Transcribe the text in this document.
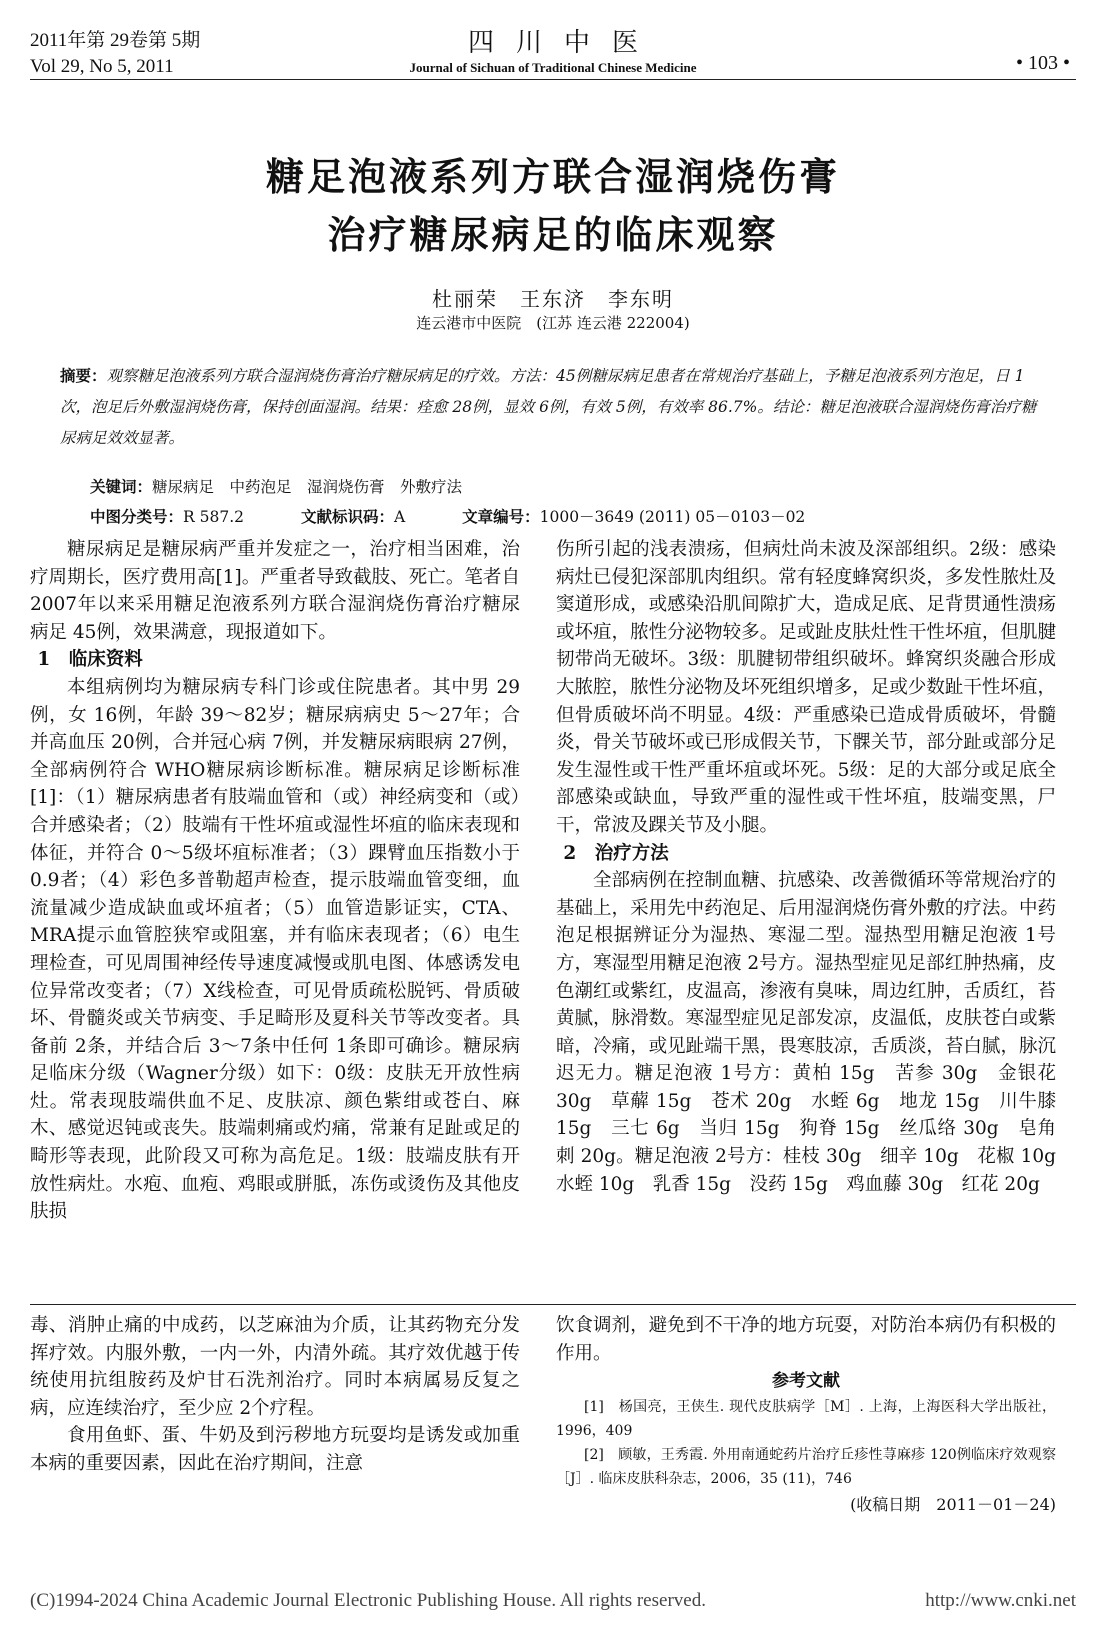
2011年第 29卷第 5期
Vol 29, No 5, 2011
四川中医
Journal of Sichuan of Traditional Chinese Medicine	• 103 •
糖足泡液系列方联合湿润烧伤膏
治疗糖尿病足的临床观察
杜丽荣　王东济　李东明
连云港市中医院　(江苏 连云港 222004)
摘要：观察糖足泡液系列方联合湿润烧伤膏治疗糖尿病足的疗效。方法：45例糖尿病足患者在常规治疗基础上，予糖足泡液系列方泡足，日 1次，泡足后外敷湿润烧伤膏，保持创面湿润。结果：痊愈 28例，显效 6例，有效 5例，有效率 86.7%。结论：糖足泡液联合湿润烧伤膏治疗糖尿病足效效显著。
关键词：糖尿病足　中药泡足　湿润烧伤膏　外敷疗法
中图分类号：R 587.2	文献标识码：A	文章编号：1000－3649 (2011) 05－0103－02

糖尿病足是糖尿病严重并发症之一，治疗相当困难，治疗周期长，医疗费用高[1]。严重者导致截肢、死亡。笔者自 2007年以来采用糖足泡液系列方联合湿润烧伤膏治疗糖尿病足 45例，效果满意，现报道如下。

1　临床资料

本组病例均为糖尿病专科门诊或住院患者。其中男 29例，女 16例，年龄 39～82岁；糖尿病病史 5～27年；合并高血压 20例，合并冠心病 7例，并发糖尿病眼病 27例，全部病例符合 WHO糖尿病诊断标准。糖尿病足诊断标准[1]：（1）糖尿病患者有肢端血管和（或）神经病变和（或）合并感染者；（2）肢端有干性坏疽或湿性坏疽的临床表现和体征，并符合 0～5级坏疽标准者；（3）踝臂血压指数小于 0.9者；（4）彩色多普勒超声检查，提示肢端血管变细，血流量减少造成缺血或坏疽者；（5）血管造影证实，CTA、MRA提示血管腔狭窄或阻塞，并有临床表现者；（6）电生理检查，可见周围神经传导速度减慢或肌电图、体感诱发电位异常改变者；（7）X线检查，可见骨质疏松脱钙、骨质破坏、骨髓炎或关节病变、手足畸形及夏科关节等改变者。具备前 2条，并结合后 3～7条中任何 1条即可确诊。糖尿病足临床分级（Wagner分级）如下：0级：皮肤无开放性病灶。常表现肢端供血不足、皮肤凉、颜色紫绀或苍白、麻木、感觉迟钝或丧失。肢端刺痛或灼痛，常兼有足趾或足的畸形等表现，此阶段又可称为高危足。1级：肢端皮肤有开放性病灶。水疱、血疱、鸡眼或胼胝，冻伤或烫伤及其他皮肤损

伤所引起的浅表溃疡，但病灶尚未波及深部组织。2级：感染病灶已侵犯深部肌肉组织。常有轻度蜂窝织炎，多发性脓灶及窦道形成，或感染沿肌间隙扩大，造成足底、足背贯通性溃疡或坏疽，脓性分泌物较多。足或趾皮肤灶性干性坏疽，但肌腱韧带尚无破坏。3级：肌腱韧带组织破坏。蜂窝织炎融合形成大脓腔，脓性分泌物及坏死组织增多，足或少数趾干性坏疽，但骨质破坏尚不明显。4级：严重感染已造成骨质破坏，骨髓炎，骨关节破坏或已形成假关节，下髁关节，部分趾或部分足发生湿性或干性严重坏疽或坏死。5级：足的大部分或足底全部感染或缺血，导致严重的湿性或干性坏疽，肢端变黑，尸干，常波及踝关节及小腿。

2　治疗方法

全部病例在控制血糖、抗感染、改善微循环等常规治疗的基础上，采用先中药泡足、后用湿润烧伤膏外敷的疗法。中药泡足根据辨证分为湿热、寒湿二型。湿热型用糖足泡液 1号方，寒湿型用糖足泡液 2号方。湿热型症见足部红肿热痛，皮色潮红或紫红，皮温高，渗液有臭味，周边红肿，舌质红，苔黄腻，脉滑数。寒湿型症见足部发凉，皮温低，皮肤苍白或紫暗，冷痛，或见趾端干黑，畏寒肢凉，舌质淡，苔白腻，脉沉迟无力。糖足泡液 1号方：黄柏 15g　苦参 30g　金银花 30g　草薢 15g　苍术 20g　水蛭 6g　地龙 15g　川牛膝 15g　三七 6g　当归 15g　狗脊 15g　丝瓜络 30g　皂角刺 20g。糖足泡液 2号方：桂枝 30g　细辛 10g　花椒 10g　水蛭 10g　乳香 15g　没药 15g　鸡血藤 30g　红花 20g

毒、消肿止痛的中成药，以芝麻油为介质，让其药物充分发挥疗效。内服外敷，一内一外，内清外疏。其疗效优越于传统使用抗组胺药及炉甘石洗剂治疗。同时本病属易反复之病，应连续治疗，至少应 2个疗程。

食用鱼虾、蛋、牛奶及到污秽地方玩耍均是诱发或加重本病的重要因素，因此在治疗期间，注意

饮食调剂，避免到不干净的地方玩耍，对防治本病仍有积极的作用。

参考文献

[1]　杨国亮，王侠生. 现代皮肤病学［M］. 上海，上海医科大学出版社，1996，409

[2]　顾敏，王秀霞. 外用南通蛇药片治疗丘疹性荨麻疹 120例临床疗效观察［J］. 临床皮肤科杂志，2006，35 (11)，746

(收稿日期　2011－01－24)
(C)1994-2024 China Academic Journal Electronic Publishing House. All rights reserved.	http://www.cnki.net
